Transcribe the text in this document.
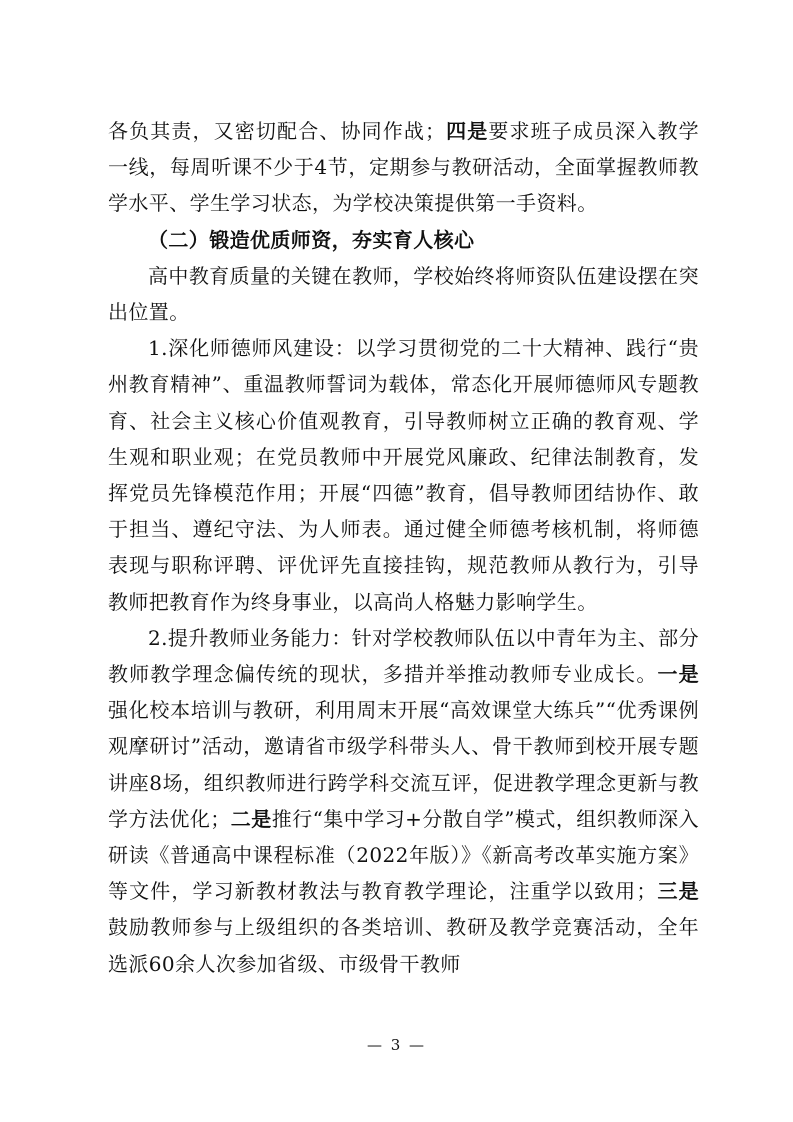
各负其责，又密切配合、协同作战；四是要求班子成员深入教学一线，每周听课不少于4节，定期参与教研活动，全面掌握教师教学水平、学生学习状态，为学校决策提供第一手资料。

（二）锻造优质师资，夯实育人核心

高中教育质量的关键在教师，学校始终将师资队伍建设摆在突出位置。

1.深化师德师风建设：以学习贯彻党的二十大精神、践行“贵州教育精神”、重温教师誓词为载体，常态化开展师德师风专题教育、社会主义核心价值观教育，引导教师树立正确的教育观、学生观和职业观；在党员教师中开展党风廉政、纪律法制教育，发挥党员先锋模范作用；开展“四德”教育，倡导教师团结协作、敢于担当、遵纪守法、为人师表。通过健全师德考核机制，将师德表现与职称评聘、评优评先直接挂钩，规范教师从教行为，引导教师把教育作为终身事业，以高尚人格魅力影响学生。

2.提升教师业务能力：针对学校教师队伍以中青年为主、部分教师教学理念偏传统的现状，多措并举推动教师专业成长。一是强化校本培训与教研，利用周末开展“高效课堂大练兵”“优秀课例观摩研讨”活动，邀请省市级学科带头人、骨干教师到校开展专题讲座8场，组织教师进行跨学科交流互评，促进教学理念更新与教学方法优化；二是推行“集中学习+分散自学”模式，组织教师深入研读《普通高中课程标准（2022年版）》《新高考改革实施方案》等文件，学习新教材教法与教育教学理论，注重学以致用；三是鼓励教师参与上级组织的各类培训、教研及教学竞赛活动，全年选派60余人次参加省级、市级骨干教师

— 3 —
